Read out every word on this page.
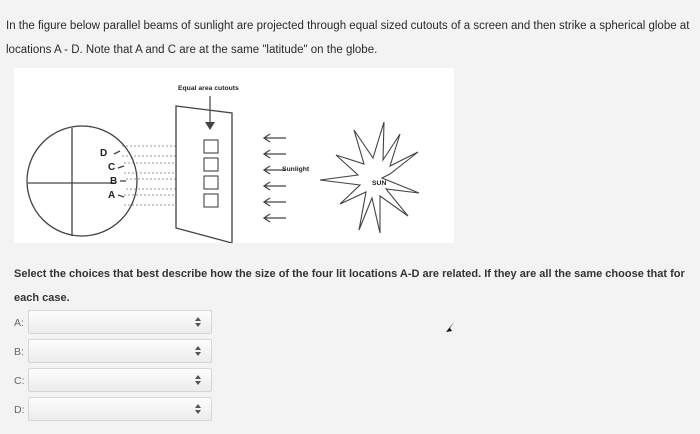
In the figure below parallel beams of sunlight are projected through equal sized cutouts of a screen and then strike a spherical globe at locations A - D. Note that A and C are at the same "latitude" on the globe.
Equal area cutouts
Sunlight
SUN
D
C
B
A
Select the choices that best describe how the size of the four lit locations A-D are related. If they are all the same choose that for each case.
A:
B:
C:
D:
